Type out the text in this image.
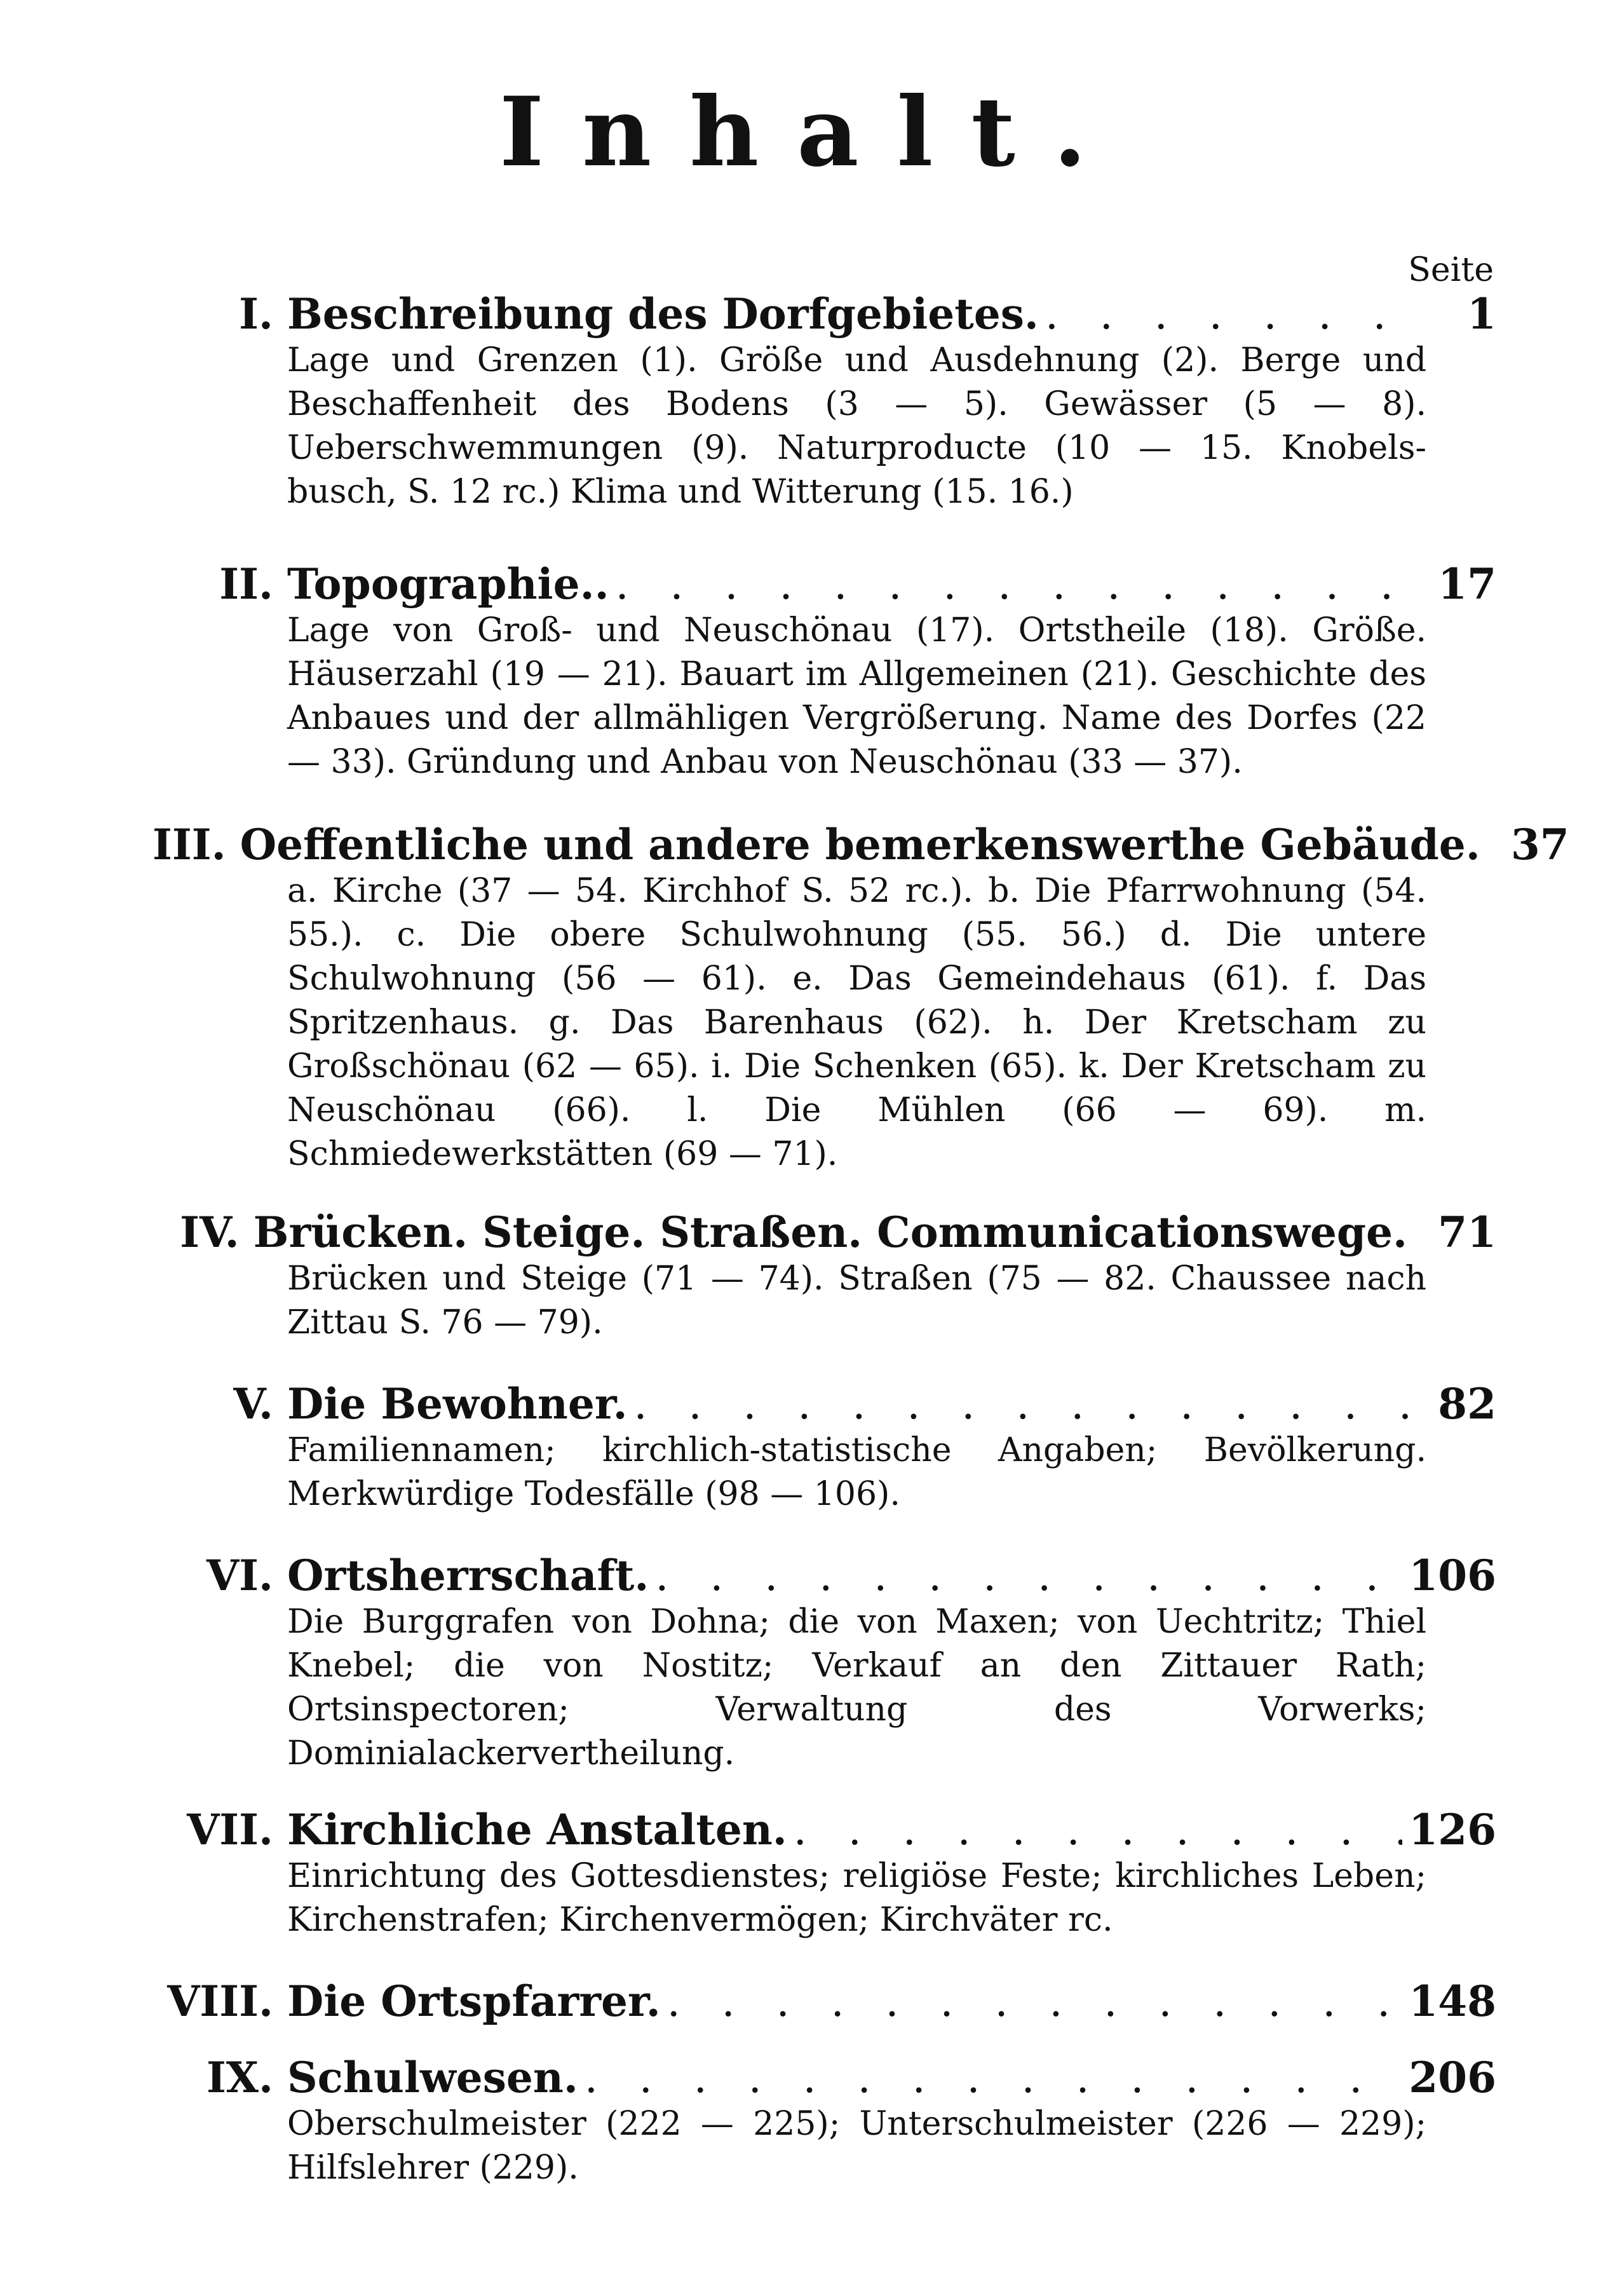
Inhalt.
Seite
I. Beschreibung des Dorfgebietes. . . .	1
Lage und Grenzen (1). Größe und Ausdehnung (2). Berge und Beschaffenheit des Bodens (3 — 5). Gewässer (5 — 8). Ueberschwemmungen (9). Naturproducte (10 — 15. Knobels-busch, S. 12 rc.) Klima und Witterung (15. 16.)
II. Topographie.. . . .	17
Lage von Groß- und Neuschönau (17). Ortstheile (18). Größe. Häuserzahl (19 — 21). Bauart im Allgemeinen (21). Geschichte des Anbaues und der allmähligen Vergrößerung. Name des Dorfes (22 — 33). Gründung und Anbau von Neuschönau (33 — 37).
III. Oeffentliche und andere bemerkenswerthe Gebäude. 37
a. Kirche (37 — 54. Kirchhof S. 52 rc.). b. Die Pfarrwohnung (54. 55.). c. Die obere Schulwohnung (55. 56.) d. Die untere Schulwohnung (56 — 61). e. Das Gemeindehaus (61). f. Das Spritzenhaus. g. Das Barenhaus (62). h. Der Kretscham zu Großschönau (62 — 65). i. Die Schenken (65). k. Der Kretscham zu Neuschönau (66). l. Die Mühlen (66 — 69). m. Schmiedewerkstätten (69 — 71).
IV. Brücken. Steige. Straßen. Communicationswege. 71
Brücken und Steige (71 — 74). Straßen (75 — 82. Chaussee nach Zittau S. 76 — 79).
V. Die Bewohner. . . .	82
Familiennamen; kirchlich-statistische Angaben; Bevölkerung. Merkwürdige Todesfälle (98 — 106).
VI. Ortsherrschaft. . . .	106
Die Burggrafen von Dohna; die von Maxen; von Uechtritz; Thiel Knebel; die von Nostitz; Verkauf an den Zittauer Rath; Ortsinspectoren; Verwaltung des Vorwerks; Dominialackervertheilung.
VII. Kirchliche Anstalten. . . .	126
Einrichtung des Gottesdienstes; religiöse Feste; kirchliches Leben; Kirchenstrafen; Kirchenvermögen; Kirchväter rc.
VIII. Die Ortspfarrer. . . .	148
IX. Schulwesen. . . .	206
Oberschulmeister (222 — 225); Unterschulmeister (226 — 229); Hilfslehrer (229).
